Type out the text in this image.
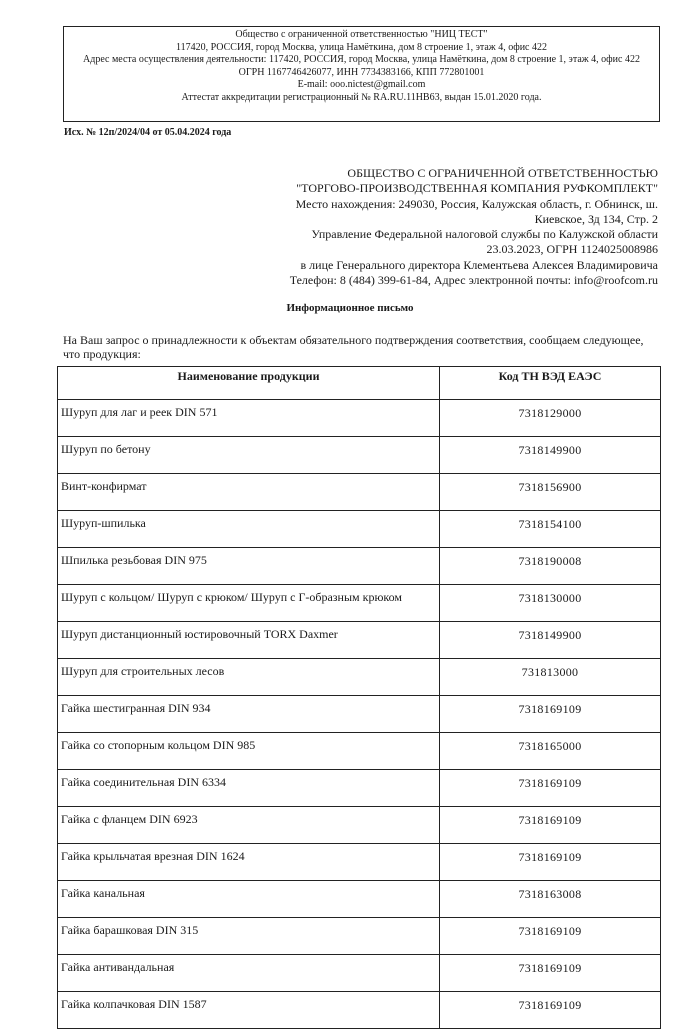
Общество с ограниченной ответственностью "НИЦ ТЕСТ"
117420, РОССИЯ, город Москва, улица Намёткина, дом 8 строение 1, этаж 4, офис 422
Адрес места осуществления деятельности: 117420, РОССИЯ, город Москва, улица Намёткина, дом 8 строение 1, этаж 4, офис 422
ОГРН 1167746426077, ИНН 7734383166, КПП 772801001
E-mail: ooo.nictest@gmail.com
Аттестат аккредитации регистрационный № RA.RU.11НВ63, выдан 15.01.2020 года.
Исх. № 12п/2024/04 от 05.04.2024 года
ОБЩЕСТВО С ОГРАНИЧЕННОЙ ОТВЕТСТВЕННОСТЬЮ
"ТОРГОВО-ПРОИЗВОДСТВЕННАЯ КОМПАНИЯ РУФКОМПЛЕКТ"
Место нахождения: 249030, Россия, Калужская область, г. Обнинск, ш.
Киевское, Зд 134, Стр. 2
Управление Федеральной налоговой службы по Калужской области
23.03.2023, ОГРН 1124025008986
в лице Генерального директора Клементьева Алексея Владимировича
Телефон: 8 (484) 399-61-84, Адрес электронной почты: info@roofcom.ru
Информационное письмо
На Ваш запрос о принадлежности к объектам обязательного подтверждения соответствия, сообщаем следующее, что продукция:
Наименование продукции	Код ТН ВЭД ЕАЭС
Шуруп для лаг и реек DIN 571	7318129000
Шуруп по бетону	7318149900
Винт-конфирмат	7318156900
Шуруп-шпилька	7318154100
Шпилька резьбовая DIN 975	7318190008
Шуруп с кольцом/ Шуруп с крюком/ Шуруп с Г-образным крюком	7318130000
Шуруп дистанционный юстировочный TORX Daxmer	7318149900
Шуруп для строительных лесов	731813000
Гайка шестигранная DIN 934	7318169109
Гайка со стопорным кольцом DIN 985	7318165000
Гайка соединительная DIN 6334	7318169109
Гайка с фланцем DIN 6923	7318169109
Гайка крыльчатая врезная DIN 1624	7318169109
Гайка канальная	7318163008
Гайка барашковая DIN 315	7318169109
Гайка антивандальная	7318169109
Гайка колпачковая DIN 1587	7318169109
